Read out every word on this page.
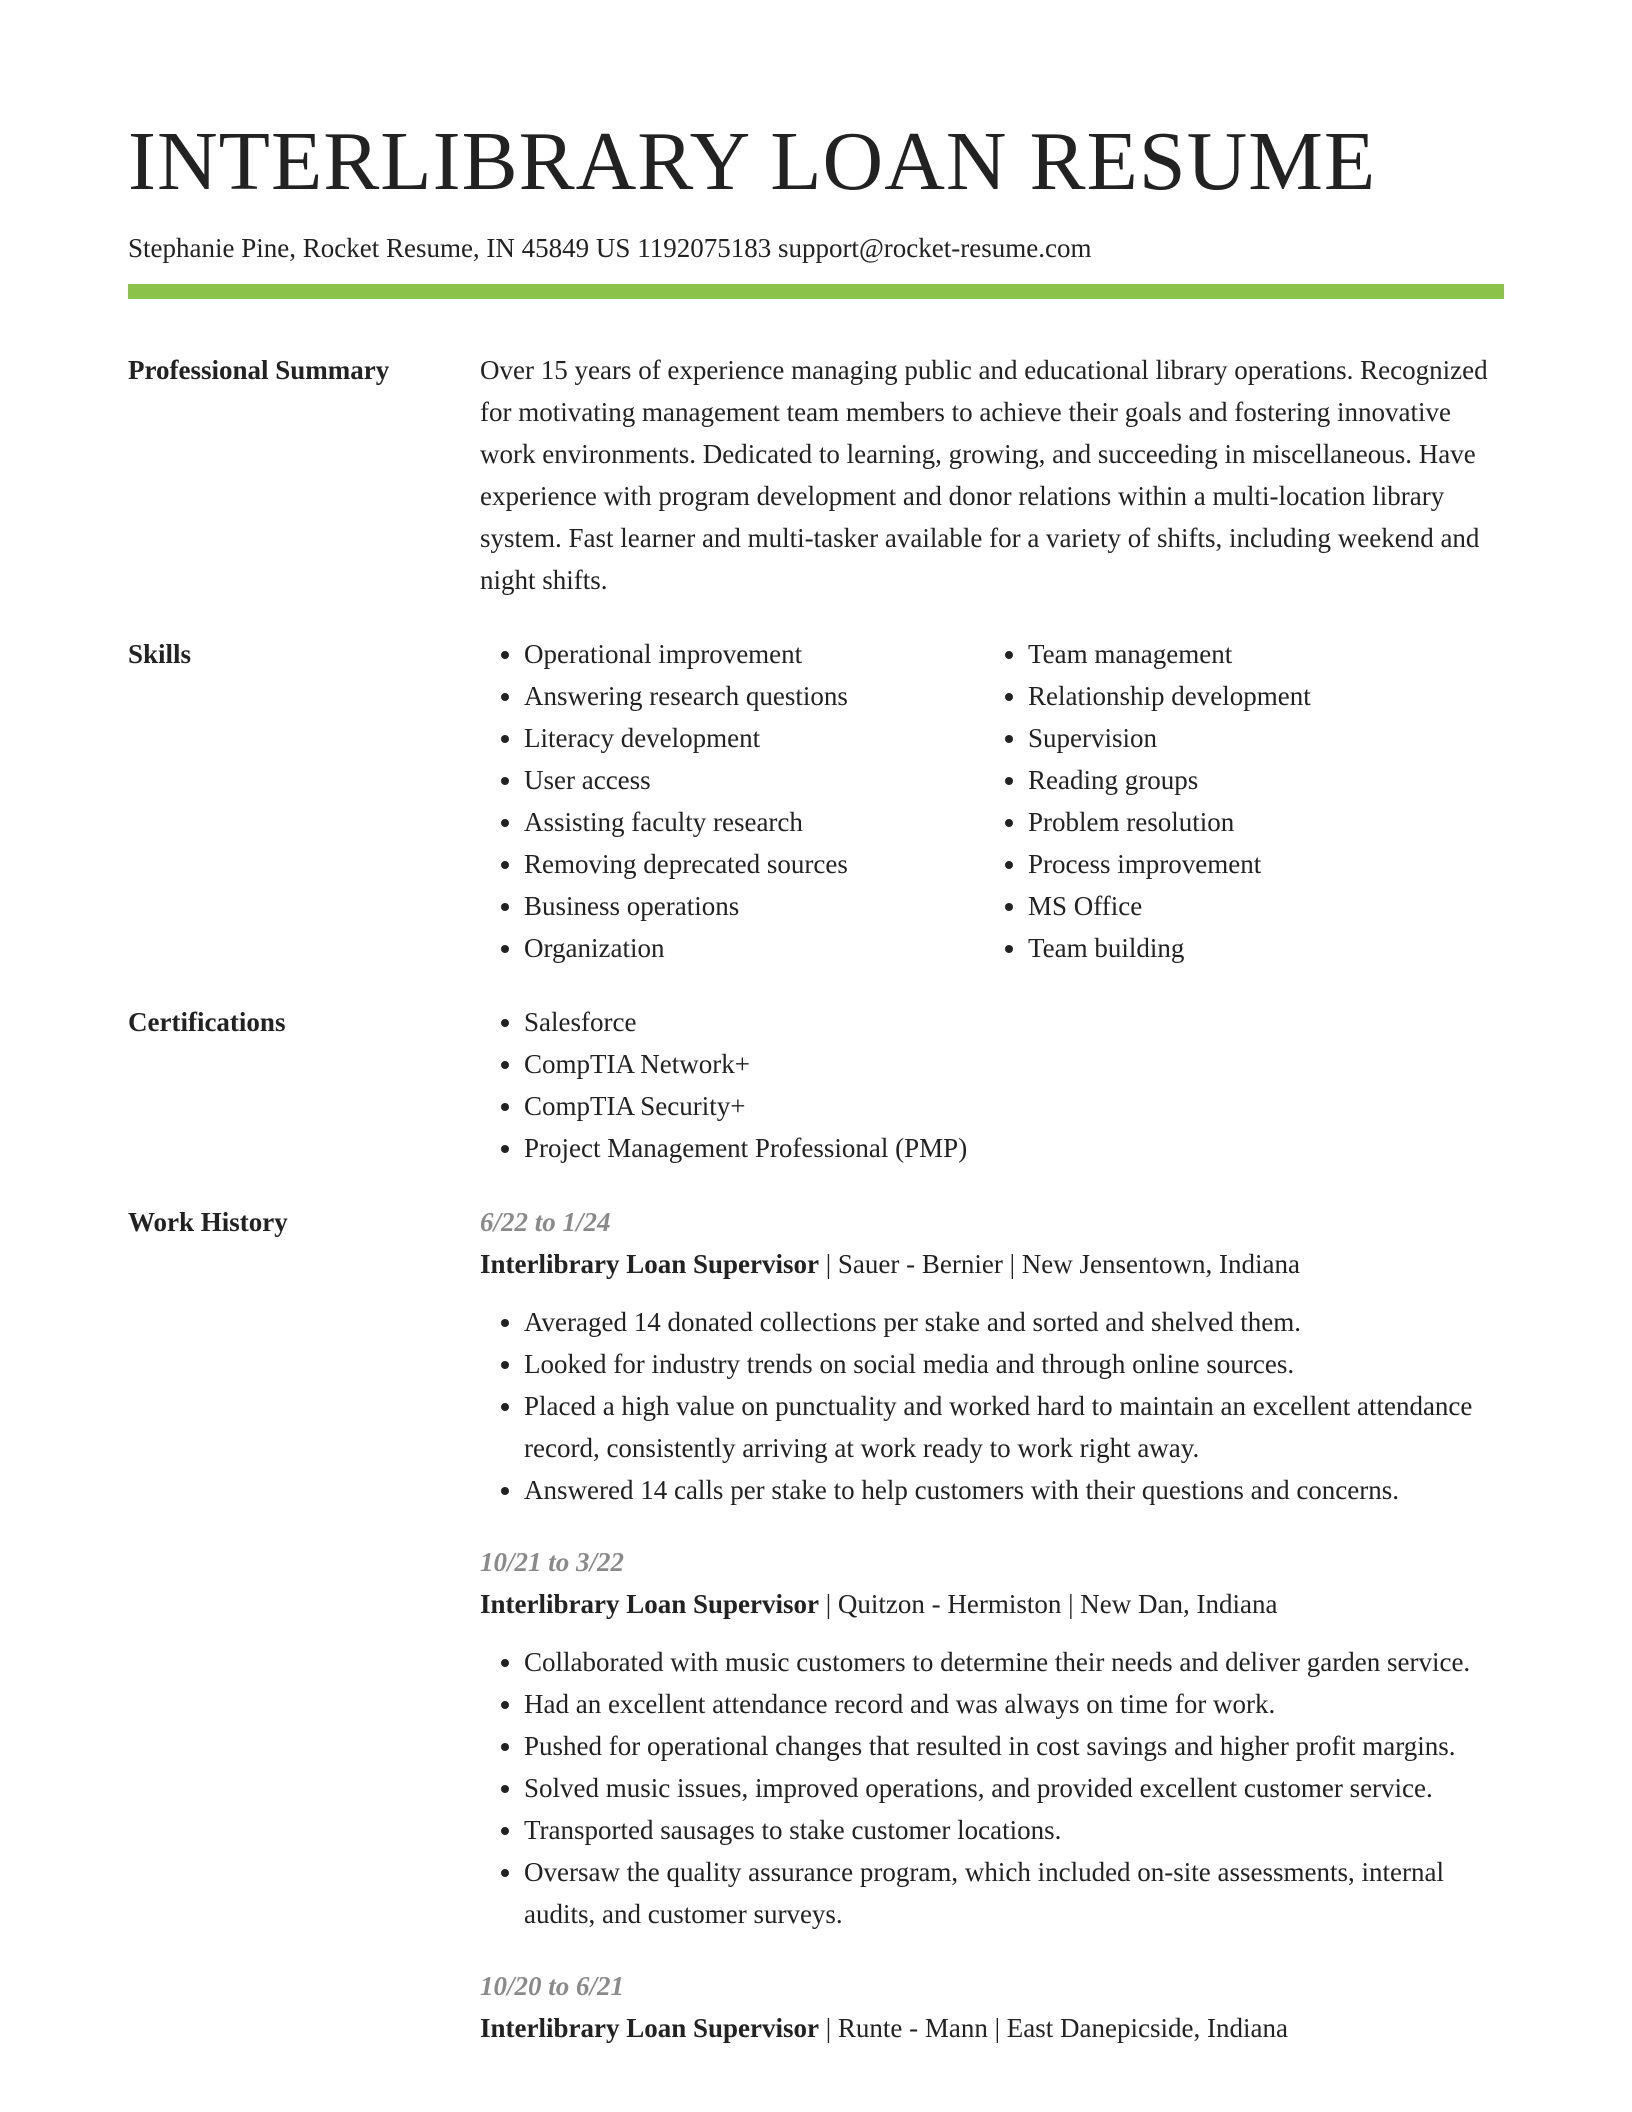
INTERLIBRARY LOAN RESUME
Stephanie Pine, Rocket Resume, IN 45849 US 1192075183 support@rocket-resume.com
Professional Summary	Over 15 years of experience managing public and educational library operations. Recognized for motivating management team members to achieve their goals and fostering innovative work environments. Dedicated to learning, growing, and succeeding in miscellaneous. Have experience with program development and donor relations within a multi-location library system. Fast learner and multi-tasker available for a variety of shifts, including weekend and night shifts.
Skills	• Operational improvement
• Answering research questions
• Literacy development
• User access
• Assisting faculty research
• Removing deprecated sources
• Business operations
• Organization
• Team management
• Relationship development
• Supervision
• Reading groups
• Problem resolution
• Process improvement
• MS Office
• Team building
Certifications	• Salesforce
• CompTIA Network+
• CompTIA Security+
• Project Management Professional (PMP)
Work History	6/22 to 1/24
Interlibrary Loan Supervisor | Sauer - Bernier | New Jensentown, Indiana
• Averaged 14 donated collections per stake and sorted and shelved them.
• Looked for industry trends on social media and through online sources.
• Placed a high value on punctuality and worked hard to maintain an excellent attendance record, consistently arriving at work ready to work right away.
• Answered 14 calls per stake to help customers with their questions and concerns.
10/21 to 3/22
Interlibrary Loan Supervisor | Quitzon - Hermiston | New Dan, Indiana
• Collaborated with music customers to determine their needs and deliver garden service.
• Had an excellent attendance record and was always on time for work.
• Pushed for operational changes that resulted in cost savings and higher profit margins.
• Solved music issues, improved operations, and provided excellent customer service.
• Transported sausages to stake customer locations.
• Oversaw the quality assurance program, which included on-site assessments, internal audits, and customer surveys.
10/20 to 6/21
Interlibrary Loan Supervisor | Runte - Mann | East Danepicside, Indiana
